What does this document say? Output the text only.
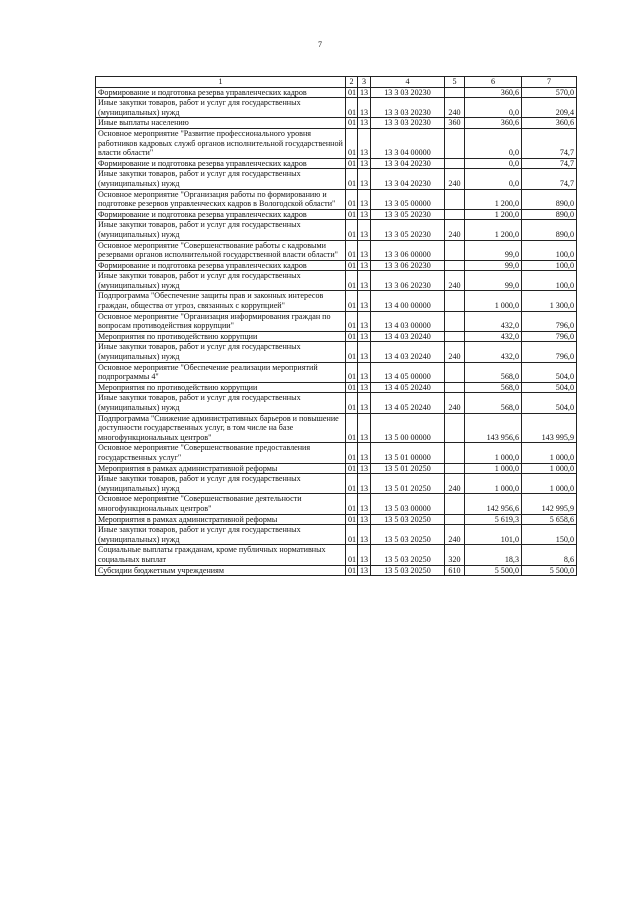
7
1	2	3	4	5	6	7
Формирование и подготовка резерва управленческих кадров	01	13	13 3 03 20230		360,6	570,0
Иные закупки товаров, работ и услуг для государственных (муниципальных) нужд	01	13	13 3 03 20230	240	0,0	209,4
Иные выплаты населению	01	13	13 3 03 20230	360	360,6	360,6
Основное мероприятие "Развитие профессионального уровня работников кадровых служб органов исполнительной государственной власти области"	01	13	13 3 04 00000		0,0	74,7
Формирование и подготовка резерва управленческих кадров	01	13	13 3 04 20230		0,0	74,7
Иные закупки товаров, работ и услуг для государственных (муниципальных) нужд	01	13	13 3 04 20230	240	0,0	74,7
Основное мероприятие "Организация работы по формированию и подготовке резервов управленческих кадров в Вологодской области"	01	13	13 3 05 00000		1 200,0	890,0
Формирование и подготовка резерва управленческих кадров	01	13	13 3 05 20230		1 200,0	890,0
Иные закупки товаров, работ и услуг для государственных (муниципальных) нужд	01	13	13 3 05 20230	240	1 200,0	890,0
Основное мероприятие "Совершенствование работы с кадровыми резервами органов исполнительной государственной власти области"	01	13	13 3 06 00000		99,0	100,0
Формирование и подготовка резерва управленческих кадров	01	13	13 3 06 20230		99,0	100,0
Иные закупки товаров, работ и услуг для государственных (муниципальных) нужд	01	13	13 3 06 20230	240	99,0	100,0
Подпрограмма "Обеспечение защиты прав и законных интересов граждан, общества от угроз, связанных с коррупцией"	01	13	13 4 00 00000		1 000,0	1 300,0
Основное мероприятие "Организация информирования граждан по вопросам противодействия коррупции"	01	13	13 4 03 00000		432,0	796,0
Мероприятия по противодействию коррупции	01	13	13 4 03 20240		432,0	796,0
Иные закупки товаров, работ и услуг для государственных (муниципальных) нужд	01	13	13 4 03 20240	240	432,0	796,0
Основное мероприятие "Обеспечение реализации мероприятий подпрограммы 4"	01	13	13 4 05 00000		568,0	504,0
Мероприятия по противодействию коррупции	01	13	13 4 05 20240		568,0	504,0
Иные закупки товаров, работ и услуг для государственных (муниципальных) нужд	01	13	13 4 05 20240	240	568,0	504,0
Подпрограмма "Снижение административных барьеров и повышение доступности государственных услуг, в том числе на базе многофункциональных центров"	01	13	13 5 00 00000		143 956,6	143 995,9
Основное мероприятие "Совершенствование предоставления государственных услуг"	01	13	13 5 01 00000		1 000,0	1 000,0
Мероприятия в рамках административной реформы	01	13	13 5 01 20250		1 000,0	1 000,0
Иные закупки товаров, работ и услуг для государственных (муниципальных) нужд	01	13	13 5 01 20250	240	1 000,0	1 000,0
Основное мероприятие "Совершенствование деятельности многофункциональных центров"	01	13	13 5 03 00000		142 956,6	142 995,9
Мероприятия в рамках административной реформы	01	13	13 5 03 20250		5 619,3	5 658,6
Иные закупки товаров, работ и услуг для государственных (муниципальных) нужд	01	13	13 5 03 20250	240	101,0	150,0
Социальные выплаты гражданам, кроме публичных нормативных социальных выплат	01	13	13 5 03 20250	320	18,3	8,6
Субсидии бюджетным учреждениям	01	13	13 5 03 20250	610	5 500,0	5 500,0
